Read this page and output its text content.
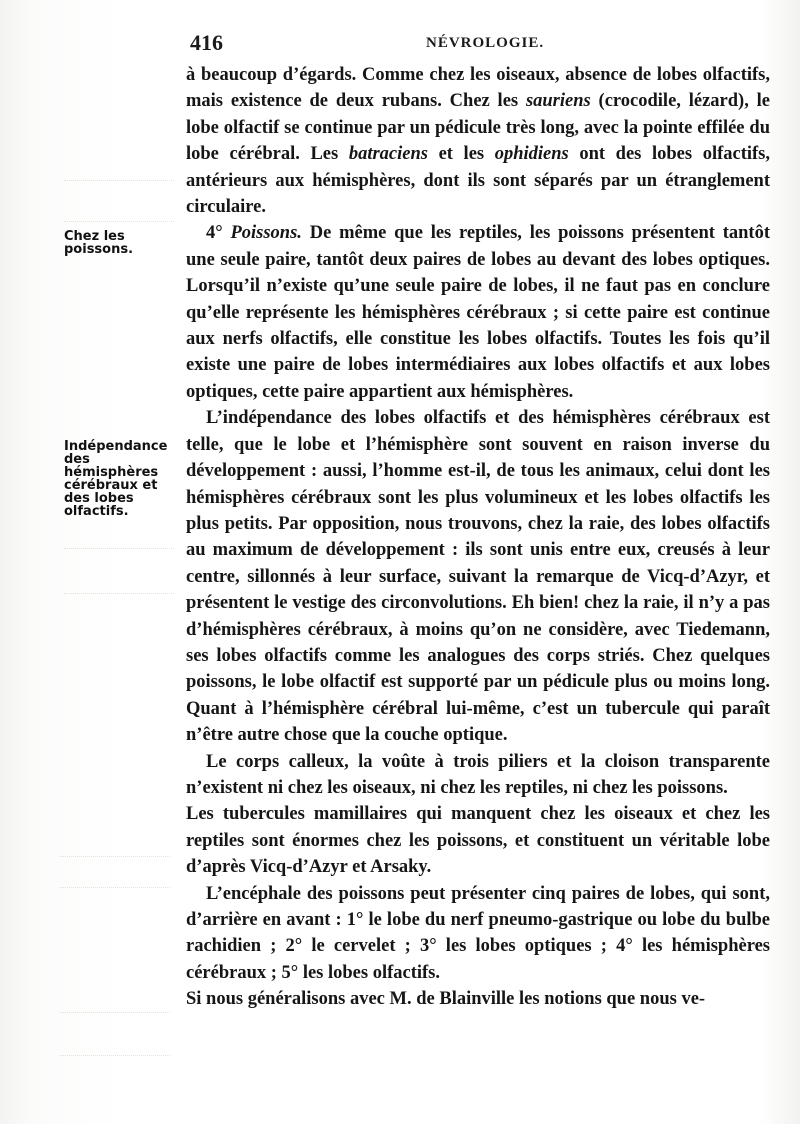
416	NÉVROLOGIE.
Chez les poissons.
Indépendance des hémisphères cérébraux et des lobes olfactifs.

à beaucoup d’égards. Comme chez les oiseaux, absence de lobes olfactifs, mais existence de deux rubans. Chez les sauriens (crocodile, lézard), le lobe olfactif se continue par un pédicule très long, avec la pointe effilée du lobe cérébral. Les batraciens et les ophidiens ont des lobes olfactifs, antérieurs aux hémisphères, dont ils sont séparés par un étranglement circulaire.

4° Poissons. De même que les reptiles, les poissons présentent tantôt une seule paire, tantôt deux paires de lobes au devant des lobes optiques. Lorsqu’il n’existe qu’une seule paire de lobes, il ne faut pas en conclure qu’elle représente les hémisphères cérébraux ; si cette paire est continue aux nerfs olfactifs, elle constitue les lobes olfactifs. Toutes les fois qu’il existe une paire de lobes intermédiaires aux lobes olfactifs et aux lobes optiques, cette paire appartient aux hémisphères.

L’indépendance des lobes olfactifs et des hémisphères cérébraux est telle, que le lobe et l’hémisphère sont souvent en raison inverse du développement : aussi, l’homme est-il, de tous les animaux, celui dont les hémisphères cérébraux sont les plus volumineux et les lobes olfactifs les plus petits. Par opposition, nous trouvons, chez la raie, des lobes olfactifs au maximum de développement : ils sont unis entre eux, creusés à leur centre, sillonnés à leur surface, suivant la remarque de Vicq-d’Azyr, et présentent le vestige des circonvolutions. Eh bien! chez la raie, il n’y a pas d’hémisphères cérébraux, à moins qu’on ne considère, avec Tiedemann, ses lobes olfactifs comme les analogues des corps striés. Chez quelques poissons, le lobe olfactif est supporté par un pédicule plus ou moins long. Quant à l’hémisphère cérébral lui-même, c’est un tubercule qui paraît n’être autre chose que la couche optique.

Le corps calleux, la voûte à trois piliers et la cloison transparente n’existent ni chez les oiseaux, ni chez les reptiles, ni chez les poissons.

Les tubercules mamillaires qui manquent chez les oiseaux et chez les reptiles sont énormes chez les poissons, et constituent un véritable lobe d’après Vicq-d’Azyr et Arsaky.

L’encéphale des poissons peut présenter cinq paires de lobes, qui sont, d’arrière en avant : 1° le lobe du nerf pneumo-gastrique ou lobe du bulbe rachidien ; 2° le cervelet ; 3° les lobes optiques ; 4° les hémisphères cérébraux ; 5° les lobes olfactifs.

Si nous généralisons avec M. de Blainville les notions que nous ve-
